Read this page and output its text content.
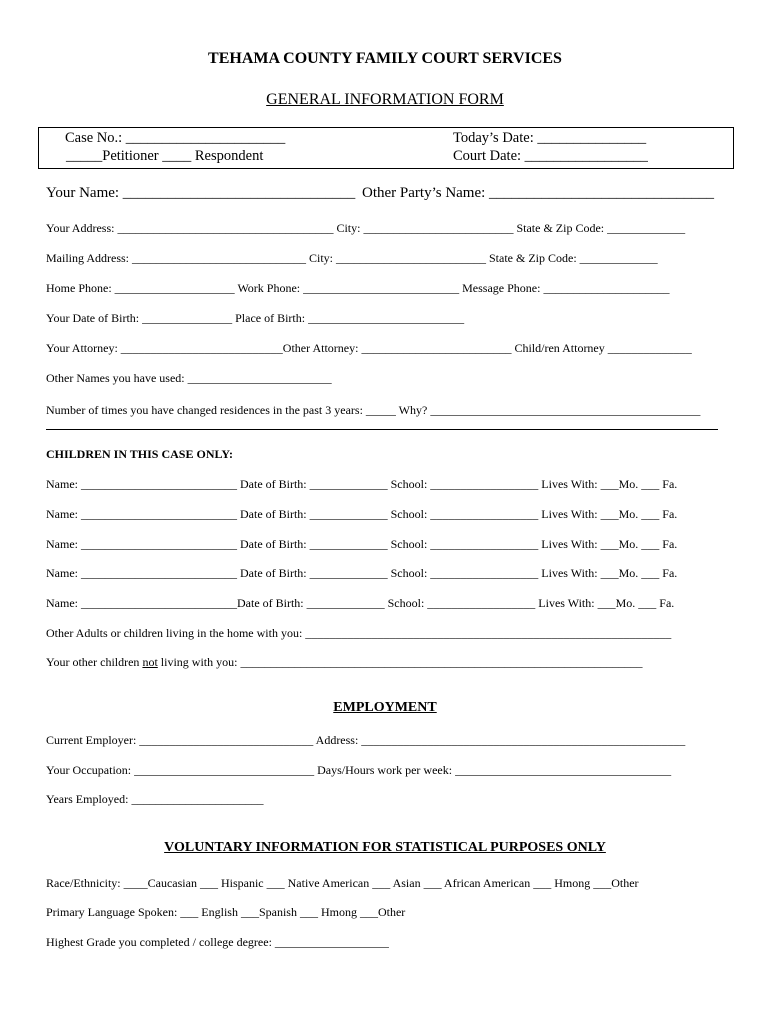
TEHAMA COUNTY FAMILY COURT SERVICES
GENERAL INFORMATION FORM
Case No.: ______________________
_____Petitioner ____ Respondent
Today’s Date: _______________
Court Date: _________________
Your Name: _______________________________ Other Party’s Name: ______________________________
Your Address: ____________________________________ City: _________________________ State & Zip Code: _____________
Mailing Address: _____________________________ City: _________________________ State & Zip Code: _____________
Home Phone: ____________________ Work Phone: __________________________ Message Phone: _____________________
Your Date of Birth: _______________ Place of Birth: __________________________
Your Attorney: ___________________________Other Attorney: _________________________ Child/ren Attorney ______________
Other Names you have used: ________________________
Number of times you have changed residences in the past 3 years: _____ Why? _____________________________________________
CHILDREN IN THIS CASE ONLY:
Name: __________________________ Date of Birth: _____________ School: __________________ Lives With: ___Mo. ___ Fa.
Name: __________________________ Date of Birth: _____________ School: __________________ Lives With: ___Mo. ___ Fa.
Name: __________________________ Date of Birth: _____________ School: __________________ Lives With: ___Mo. ___ Fa.
Name: __________________________ Date of Birth: _____________ School: __________________ Lives With: ___Mo. ___ Fa.
Name: __________________________Date of Birth: _____________ School: __________________ Lives With: ___Mo. ___ Fa.
Other Adults or children living in the home with you: _____________________________________________________________
Your other children not living with you: ___________________________________________________________________
EMPLOYMENT
Current Employer: _____________________________ Address: ______________________________________________________
Your Occupation: ______________________________ Days/Hours work per week: ____________________________________
Years Employed: ______________________
VOLUNTARY INFORMATION FOR STATISTICAL PURPOSES ONLY
Race/Ethnicity: ____Caucasian ___ Hispanic ___ Native American ___ Asian ___ African American ___ Hmong ___Other
Primary Language Spoken: ___ English ___Spanish ___ Hmong ___Other
Highest Grade you completed / college degree: ___________________
